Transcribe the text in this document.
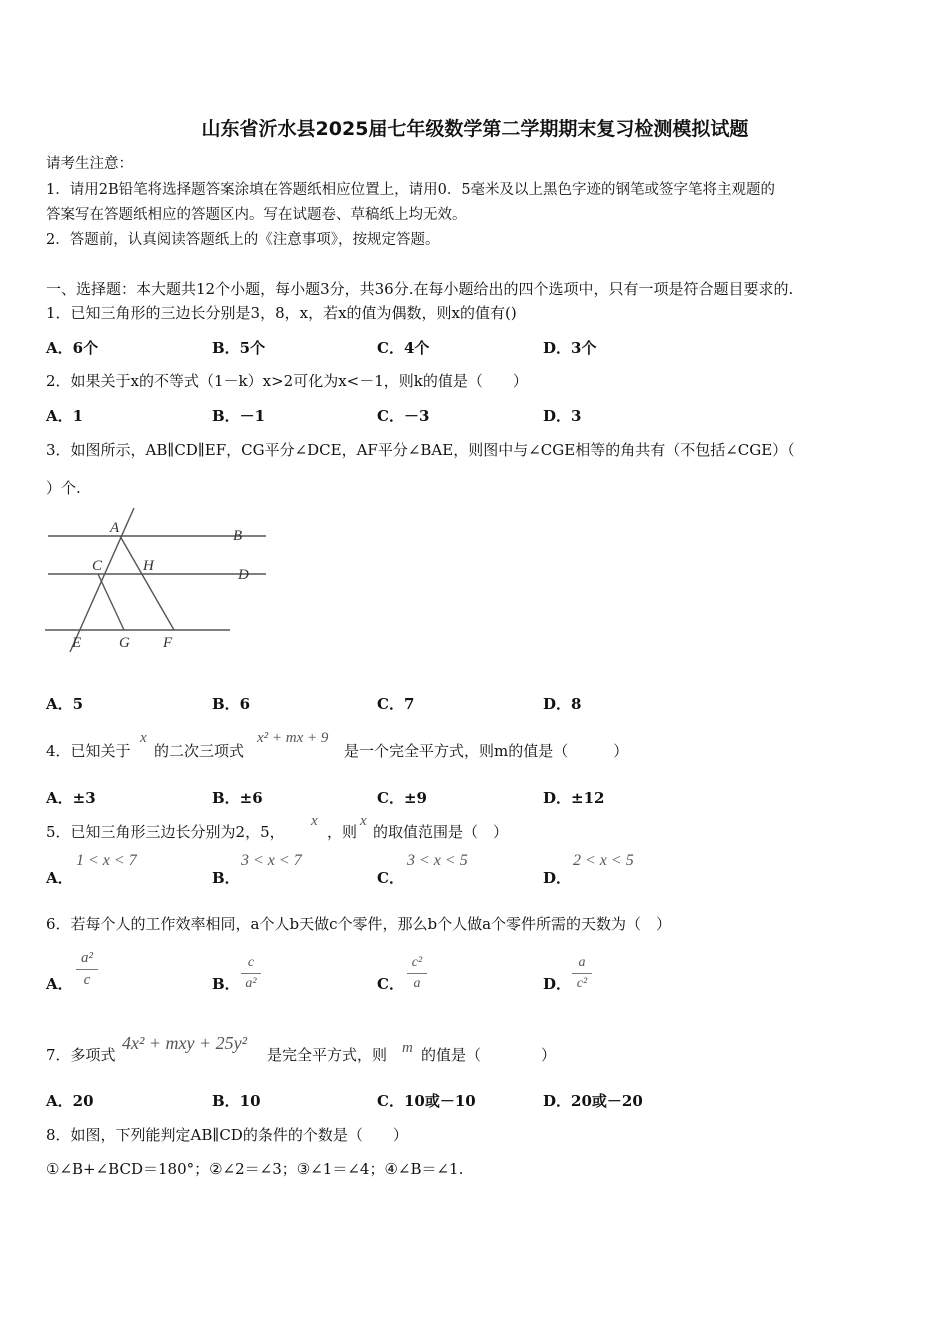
山东省沂水县2025届七年级数学第二学期期末复习检测模拟试题
请考生注意：
1．请用2B铅笔将选择题答案涂填在答题纸相应位置上，请用0．5毫米及以上黑色字迹的钢笔或签字笔将主观题的
答案写在答题纸相应的答题区内。写在试题卷、草稿纸上均无效。
2．答题前，认真阅读答题纸上的《注意事项》，按规定答题。
一、选择题：本大题共12个小题，每小题3分，共36分.在每小题给出的四个选项中，只有一项是符合题目要求的.
1．已知三角形的三边长分别是3，8，x，若x的值为偶数，则x的值有()
A．6个	B．5个	C．4个	D．3个
2．如果关于x的不等式（1－k）x>2可化为x<－1，则k的值是（　　）
A．1	B．－1	C．－3	D．3
3．如图所示，AB∥CD∥EF，CG平分∠DCE，AF平分∠BAE，则图中与∠CGE相等的角共有（不包括∠CGE）（
）个.
A	B
C	H
D
E	G F
A．5	B．6	C．7	D．8
4．已知关于
x
的二次三项式
x² + mx + 9
是一个完全平方式，则m的值是（　　　）
A．±3	B．±6	C．±9	D．±12
5．已知三角形三边长分别为2，5，
x
，则
x
的取值范围是（　）
A．
1 < x < 7
B．
3 < x < 7
C．
3 < x < 5
D．
2 < x < 5
6．若每个人的工作效率相同，a个人b天做c个零件，那么b个人做a个零件所需的天数为（　）
A．
a²
c	B．
c
a²	C．
c²
a	D．
a
c²
7．多项式
4x² + mxy + 25y²
是完全平方式，则 m 的值是（　　　　）
A．20	B．10	C．10或－10	D．20或－20
8．如图，下列能判定AB∥CD的条件的个数是（　　）
①∠B+∠BCD＝180°；②∠2＝∠3；③∠1＝∠4；④∠B＝∠1.
